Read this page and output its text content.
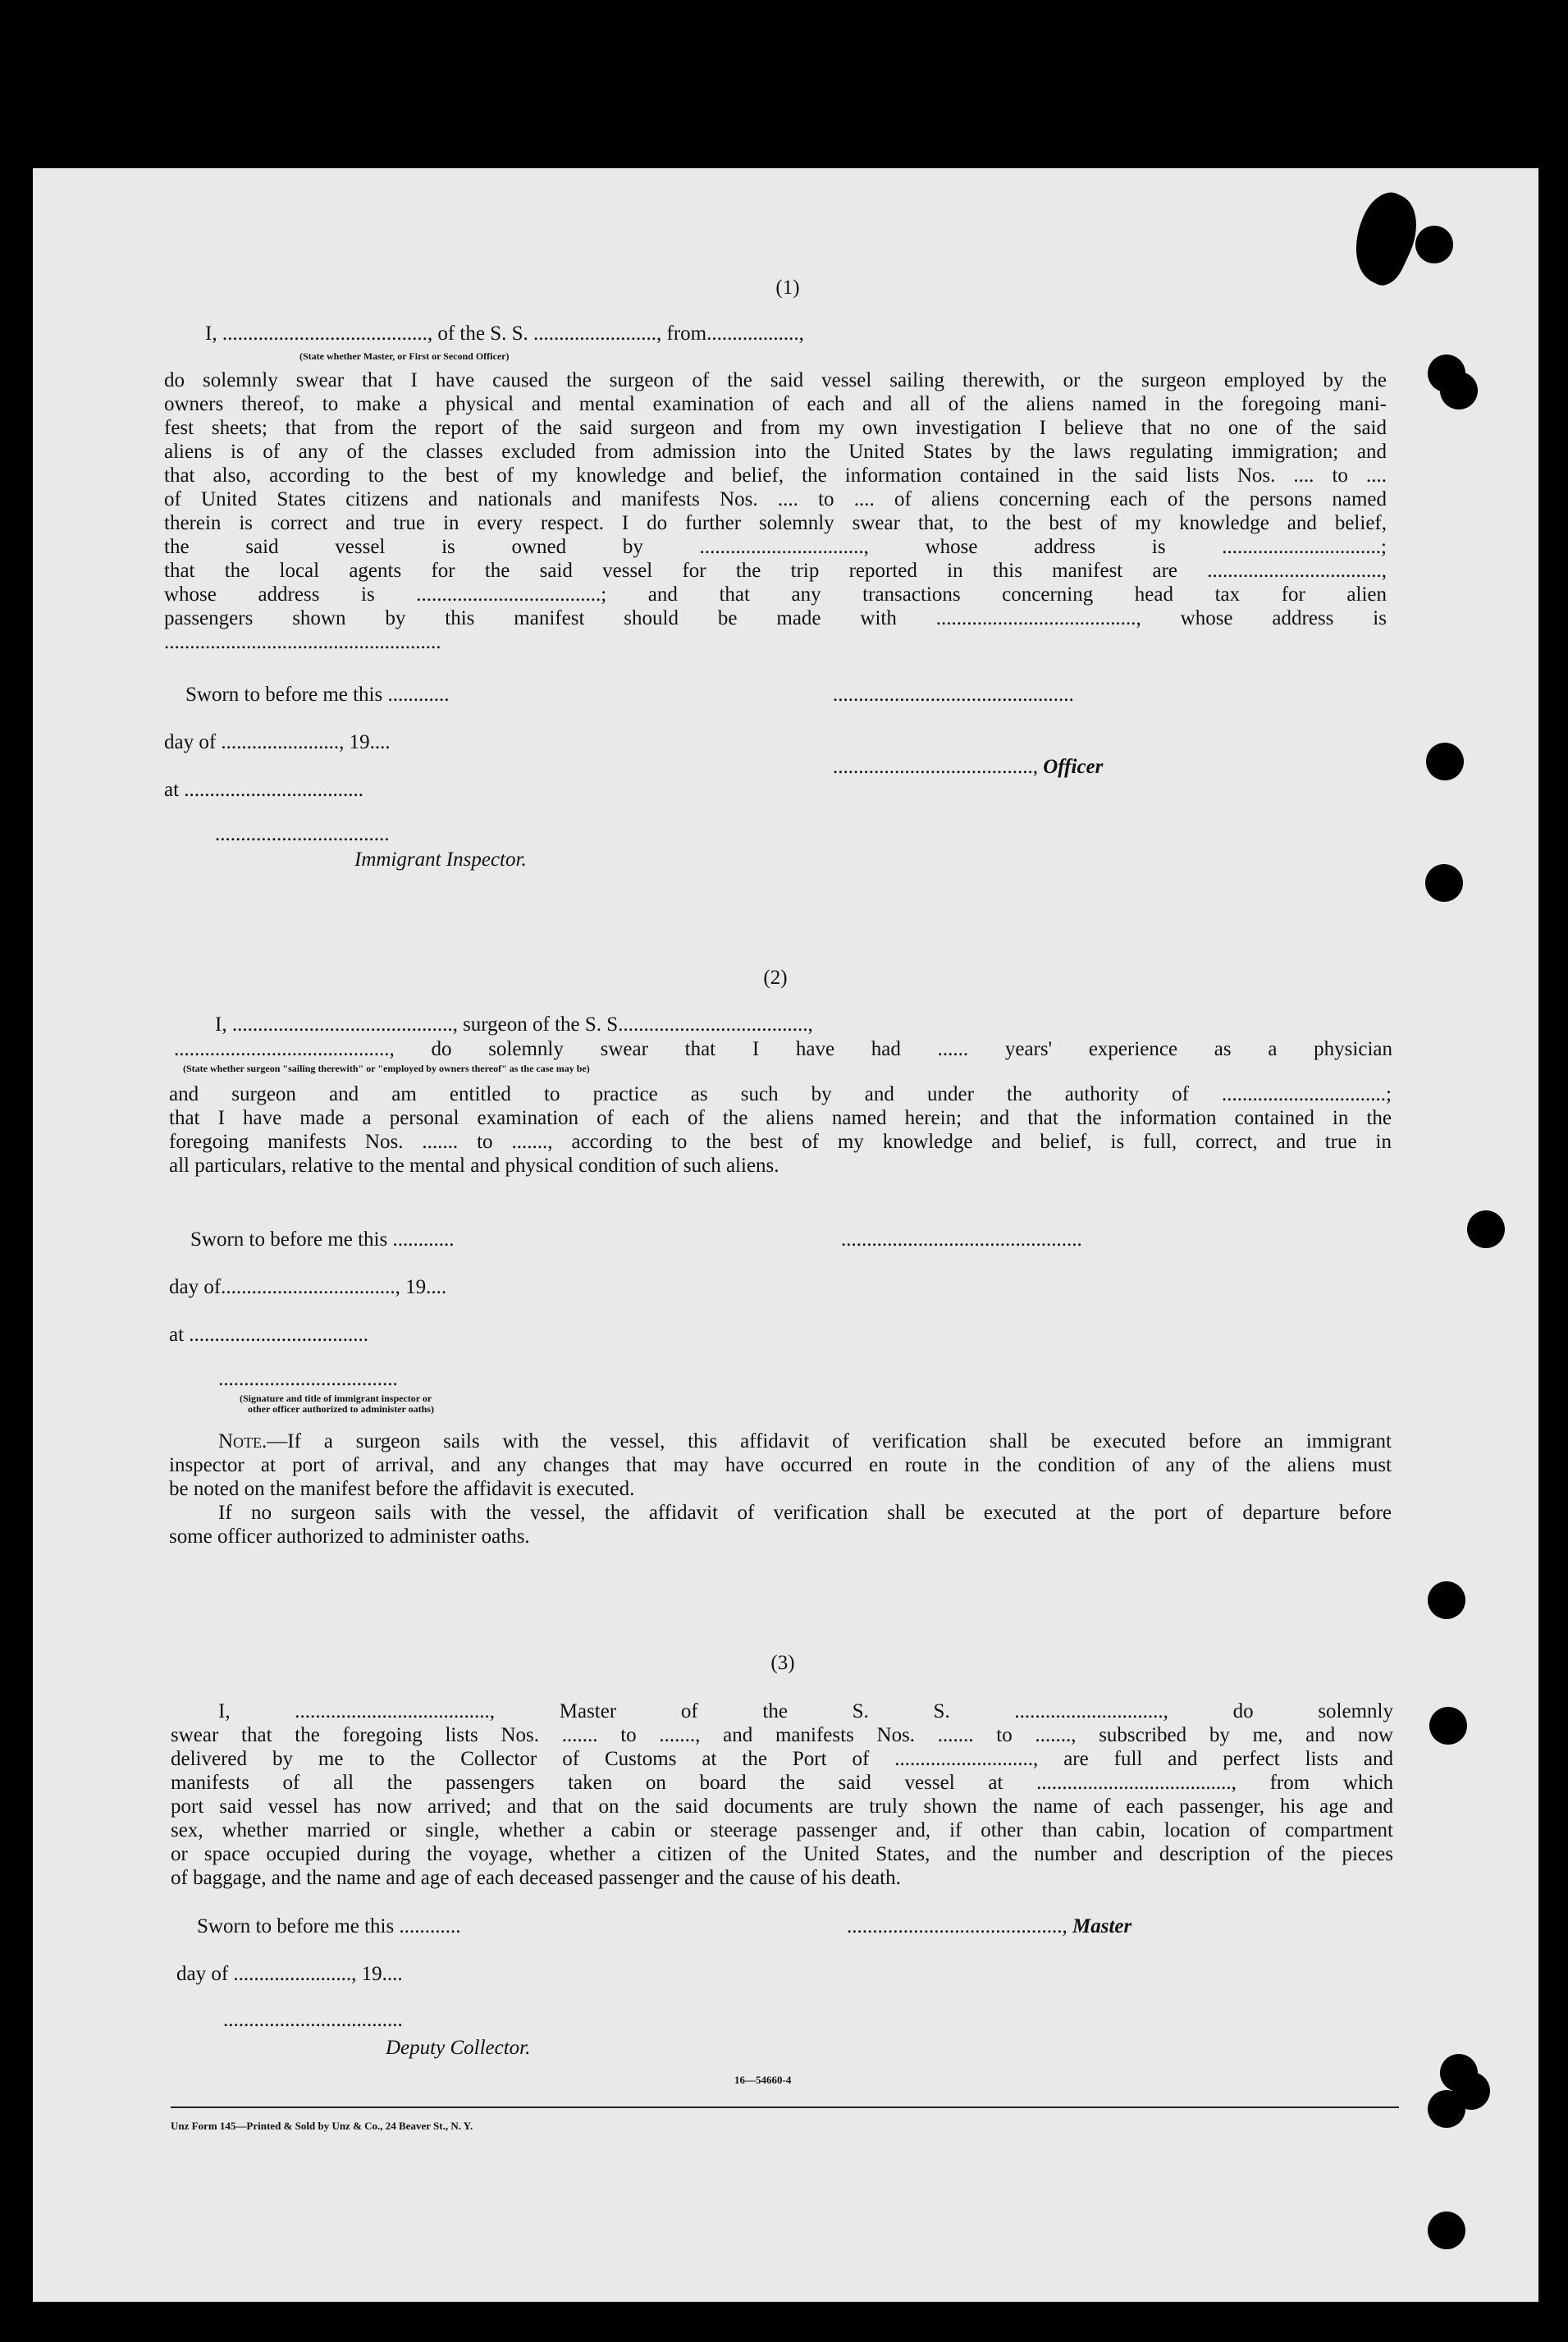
(1)
I, ........................................, of the S. S. ........................, from..................,
(State whether Master, or First or Second Officer)
do solemnly swear that I have caused the surgeon of the said vessel sailing therewith, or the surgeon employed by the
owners thereof, to make a physical and mental examination of each and all of the aliens named in the foregoing mani-
fest sheets; that from the report of the said surgeon and from my own investigation I believe that no one of the said
aliens is of any of the classes excluded from admission into the United States by the laws regulating immigration; and
that also, according to the best of my knowledge and belief, the information contained in the said lists Nos. .... to ....
of United States citizens and nationals and manifests Nos. .... to .... of aliens concerning each of the persons named
therein is correct and true in every respect. I do further solemnly swear that, to the best of my knowledge and belief,
the said vessel is owned by ................................, whose address is ...............................;
that the local agents for the said vessel for the trip reported in this manifest are ..................................,
whose address is ....................................; and that any transactions concerning head tax for alien
passengers shown by this manifest should be made with ......................................., whose address is
......................................................
Sworn to before me this ............	...............................................
day of ......................., 19....
......................................., Officer
at ...................................
..................................
Immigrant Inspector.
(2)
I, ..........................................., surgeon of the S. S.....................................,
.........................................., do solemnly swear that I have had ...... years' experience as a physician
(State whether surgeon "sailing therewith" or "employed by owners thereof" as the case may be)
and surgeon and am entitled to practice as such by and under the authority of ................................;
that I have made a personal examination of each of the aliens named herein; and that the information contained in the
foregoing manifests Nos. ....... to ......., according to the best of my knowledge and belief, is full, correct, and true in
all particulars, relative to the mental and physical condition of such aliens.
Sworn to before me this ............	...............................................
day of.................................., 19....
at ...................................
...................................
(Signature and title of immigrant inspector or
other officer authorized to administer oaths)
Note.—If a surgeon sails with the vessel, this affidavit of verification shall be executed before an immigrant
inspector at port of arrival, and any changes that may have occurred en route in the condition of any of the aliens must
be noted on the manifest before the affidavit is executed.
If no surgeon sails with the vessel, the affidavit of verification shall be executed at the port of departure before
some officer authorized to administer oaths.
(3)
I, ......................................, Master of the S. S. ............................., do solemnly
swear that the foregoing lists Nos. ....... to ......., and manifests Nos. ....... to ......., subscribed by me, and now
delivered by me to the Collector of Customs at the Port of ..........................., are full and perfect lists and
manifests of all the passengers taken on board the said vessel at ......................................, from which
port said vessel has now arrived; and that on the said documents are truly shown the name of each passenger, his age and
sex, whether married or single, whether a cabin or steerage passenger and, if other than cabin, location of compartment
or space occupied during the voyage, whether a citizen of the United States, and the number and description of the pieces
of baggage, and the name and age of each deceased passenger and the cause of his death.
Sworn to before me this ............	.........................................., Master
day of ......................., 19....
...................................
Deputy Collector.
16—54660-4
Unz Form 145—Printed & Sold by Unz & Co., 24 Beaver St., N. Y.
